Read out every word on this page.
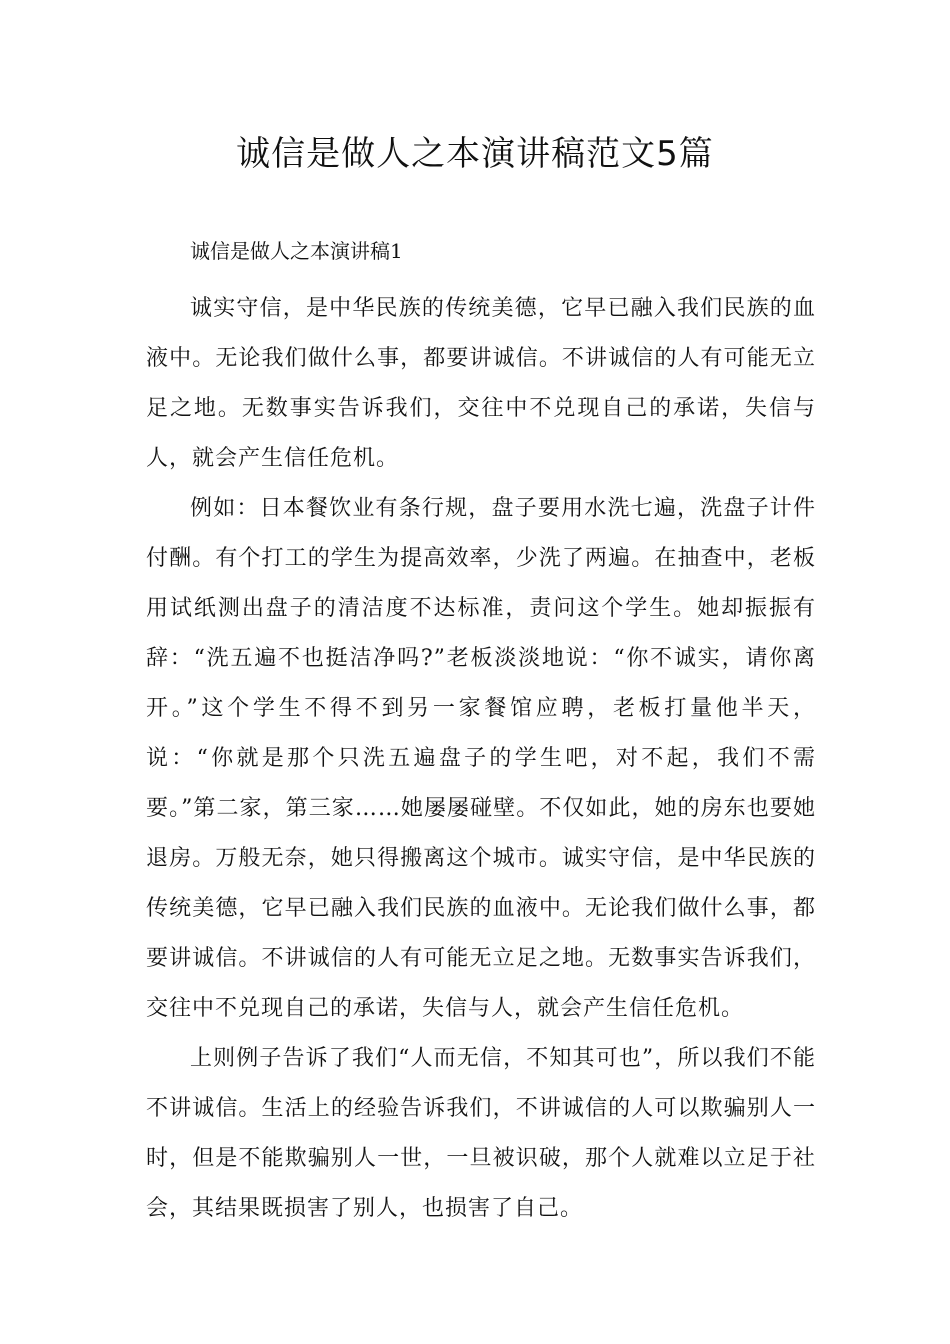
诚信是做人之本演讲稿范文5篇

诚信是做人之本演讲稿1

诚实守信，是中华民族的传统美德，它早已融入我们民族的血液中。无论我们做什么事，都要讲诚信。不讲诚信的人有可能无立足之地。无数事实告诉我们，交往中不兑现自己的承诺，失信与人，就会产生信任危机。

例如：日本餐饮业有条行规，盘子要用水洗七遍，洗盘子计件付酬。有个打工的学生为提高效率，少洗了两遍。在抽查中，老板用试纸测出盘子的清洁度不达标准，责问这个学生。她却振振有辞：“洗五遍不也挺洁净吗?”老板淡淡地说：“你不诚实，请你离开。”这个学生不得不到另一家餐馆应聘，老板打量他半天，说：“你就是那个只洗五遍盘子的学生吧，对不起，我们不需要。”第二家，第三家……她屡屡碰壁。不仅如此，她的房东也要她退房。万般无奈，她只得搬离这个城市。诚实守信，是中华民族的传统美德，它早已融入我们民族的血液中。无论我们做什么事，都要讲诚信。不讲诚信的人有可能无立足之地。无数事实告诉我们，交往中不兑现自己的承诺，失信与人，就会产生信任危机。

上则例子告诉了我们“人而无信，不知其可也”，所以我们不能不讲诚信。生活上的经验告诉我们，不讲诚信的人可以欺骗别人一时，但是不能欺骗别人一世，一旦被识破，那个人就难以立足于社会，其结果既损害了别人，也损害了自己。
